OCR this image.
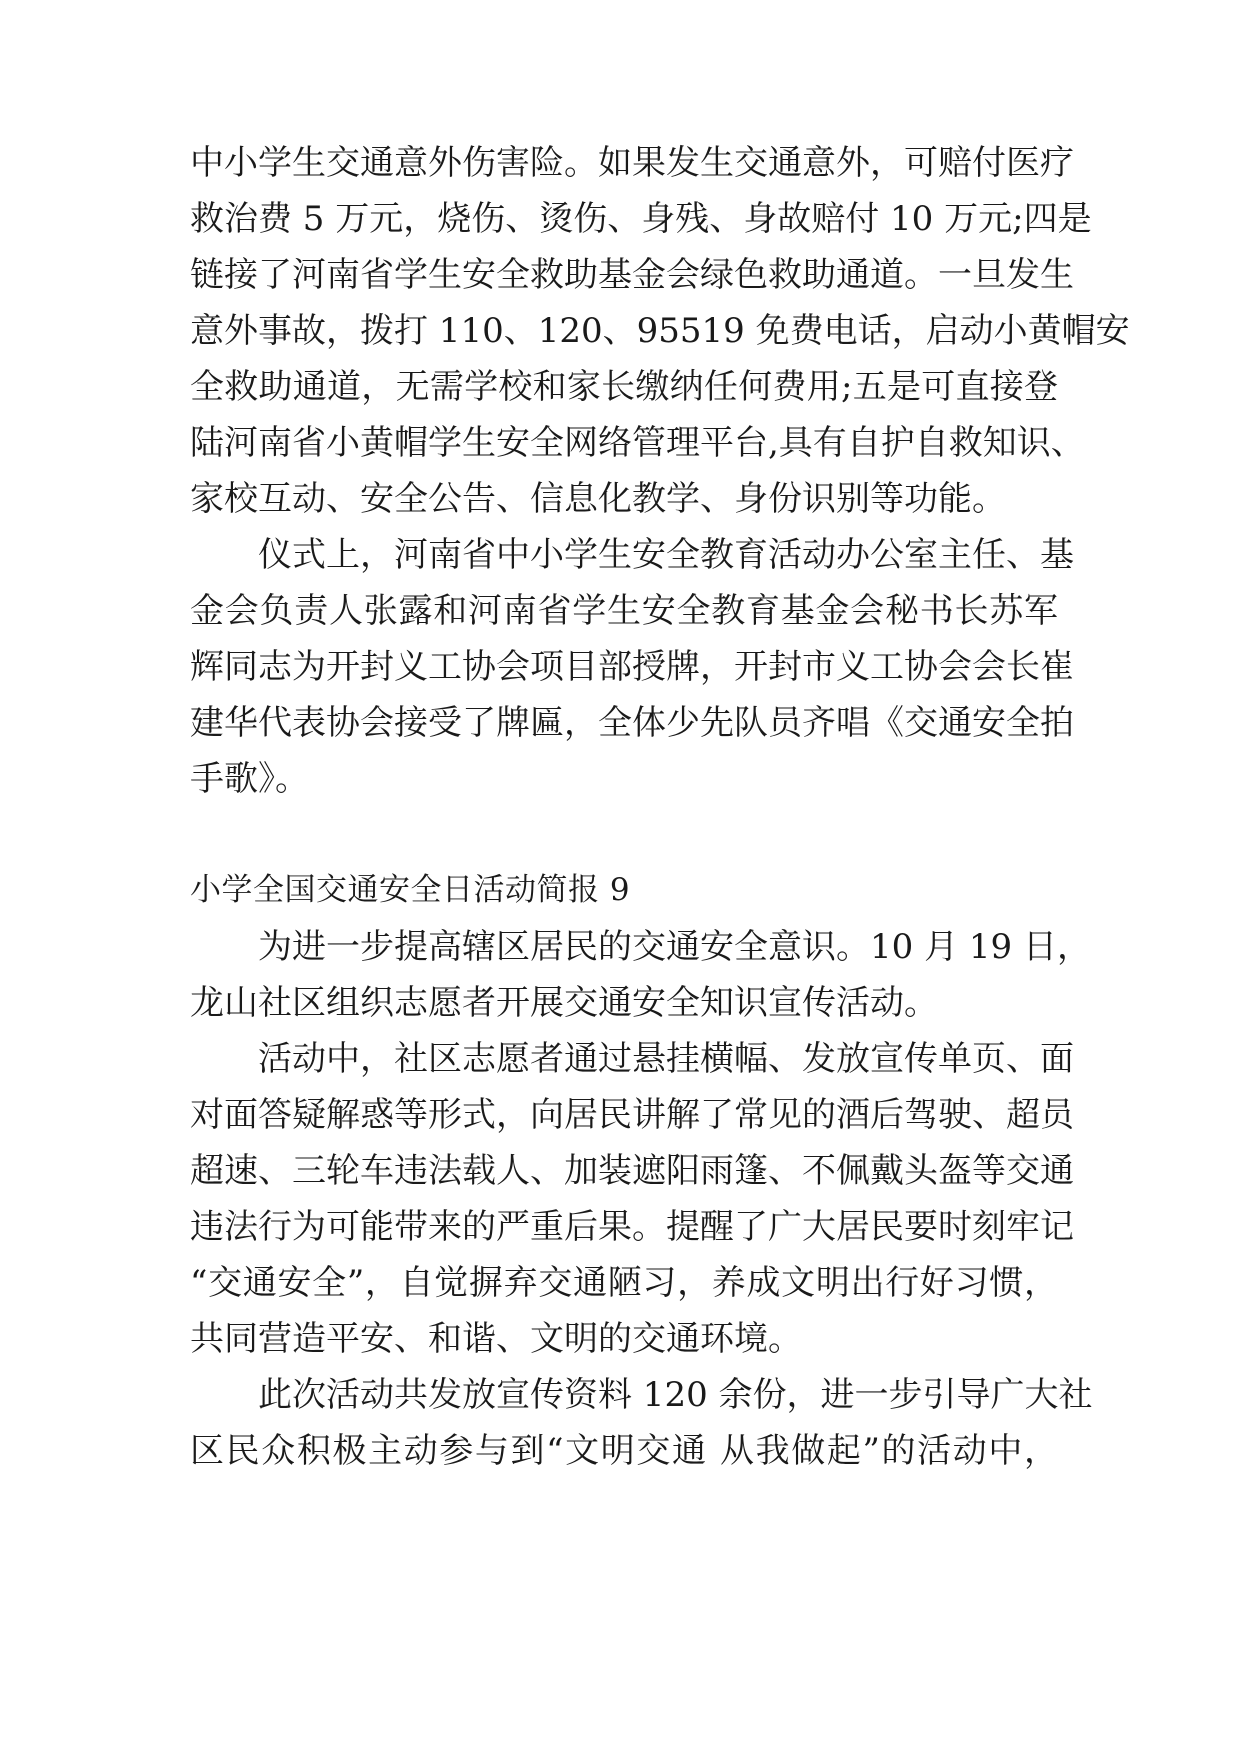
中小学生交通意外伤害险。如果发生交通意外，可赔付医疗
救治费 5 万元，烧伤、烫伤、身残、身故赔付 10 万元;四是
链接了河南省学生安全救助基金会绿色救助通道。一旦发生
意外事故，拨打 110、120、95519 免费电话，启动小黄帽安
全救助通道，无需学校和家长缴纳任何费用;五是可直接登
陆河南省小黄帽学生安全网络管理平台,具有自护自救知识、
家校互动、安全公告、信息化教学、身份识别等功能。
仪式上，河南省中小学生安全教育活动办公室主任、基
金会负责人张露和河南省学生安全教育基金会秘书长苏军
辉同志为开封义工协会项目部授牌，开封市义工协会会长崔
建华代表协会接受了牌匾，全体少先队员齐唱《交通安全拍
手歌》。
小学全国交通安全日活动简报 9
为进一步提高辖区居民的交通安全意识。10 月 19 日，
龙山社区组织志愿者开展交通安全知识宣传活动。
活动中，社区志愿者通过悬挂横幅、发放宣传单页、面
对面答疑解惑等形式，向居民讲解了常见的酒后驾驶、超员
超速、三轮车违法载人、加装遮阳雨篷、不佩戴头盔等交通
违法行为可能带来的严重后果。提醒了广大居民要时刻牢记
“交通安全”，自觉摒弃交通陋习，养成文明出行好习惯，
共同营造平安、和谐、文明的交通环境。
此次活动共发放宣传资料 120 余份，进一步引导广大社
区民众积极主动参与到“文明交通 从我做起”的活动中，
